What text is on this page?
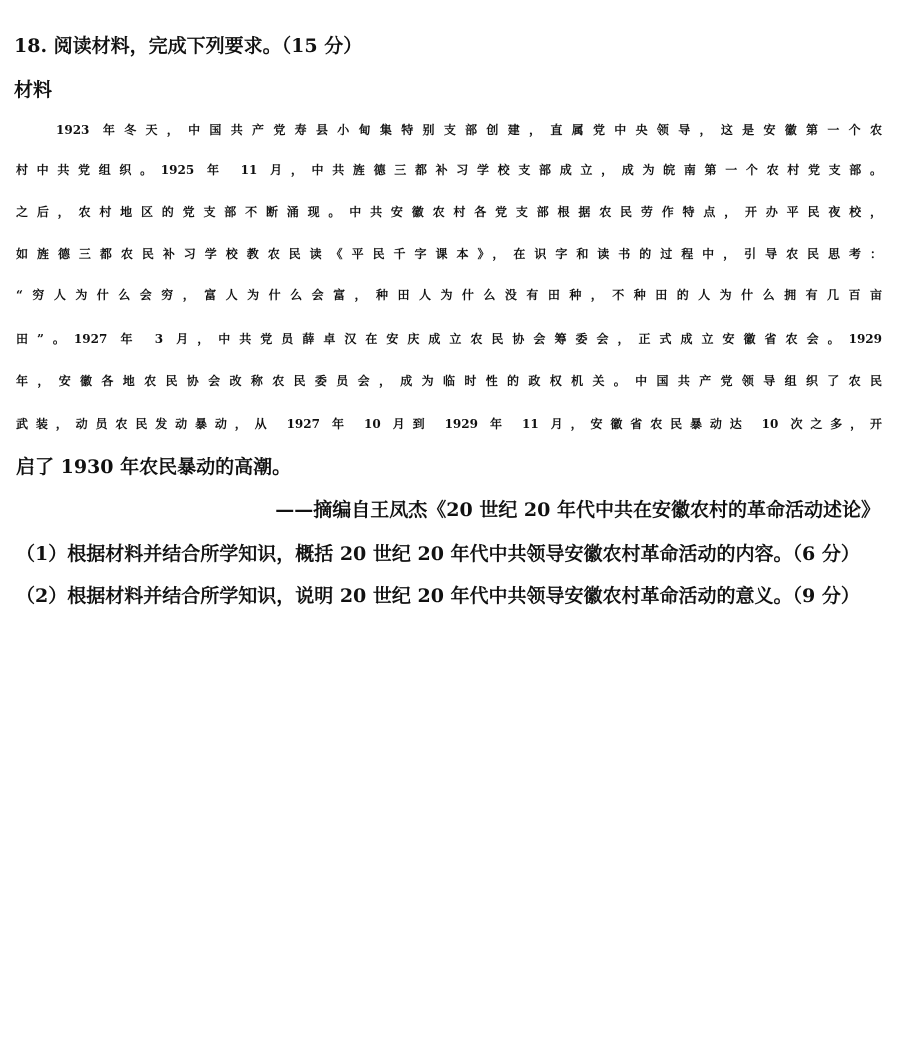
18. 阅读材料，完成下列要求。（15 分）
材料
1923 年冬天，中国共产党寿县小甸集特别支部创建，直属党中央领导，这是安徽第一个农
村中共党组织。1925 年 11 月，中共旌德三都补习学校支部成立，成为皖南第一个农村党支部。
之后，农村地区的党支部不断涌现。中共安徽农村各党支部根据农民劳作特点，开办平民夜校，
如旌德三都农民补习学校教农民读《平民千字课本》，在识字和读书的过程中，引导农民思考：
“穷人为什么会穷，富人为什么会富，种田人为什么没有田种，不种田的人为什么拥有几百亩
田”。1927 年 3 月，中共党员薛卓汉在安庆成立农民协会筹委会，正式成立安徽省农会。1929
年，安徽各地农民协会改称农民委员会，成为临时性的政权机关。中国共产党领导组织了农民
武装，动员农民发动暴动，从 1927 年 10 月到 1929 年 11 月，安徽省农民暴动达 10 次之多，开
启了 1930 年农民暴动的高潮。
——摘编自王凤杰《20 世纪 20 年代中共在安徽农村的革命活动述论》
（1）根据材料并结合所学知识，概括 20 世纪 20 年代中共领导安徽农村革命活动的内容。（6 分）
（2）根据材料并结合所学知识，说明 20 世纪 20 年代中共领导安徽农村革命活动的意义。（9 分）
